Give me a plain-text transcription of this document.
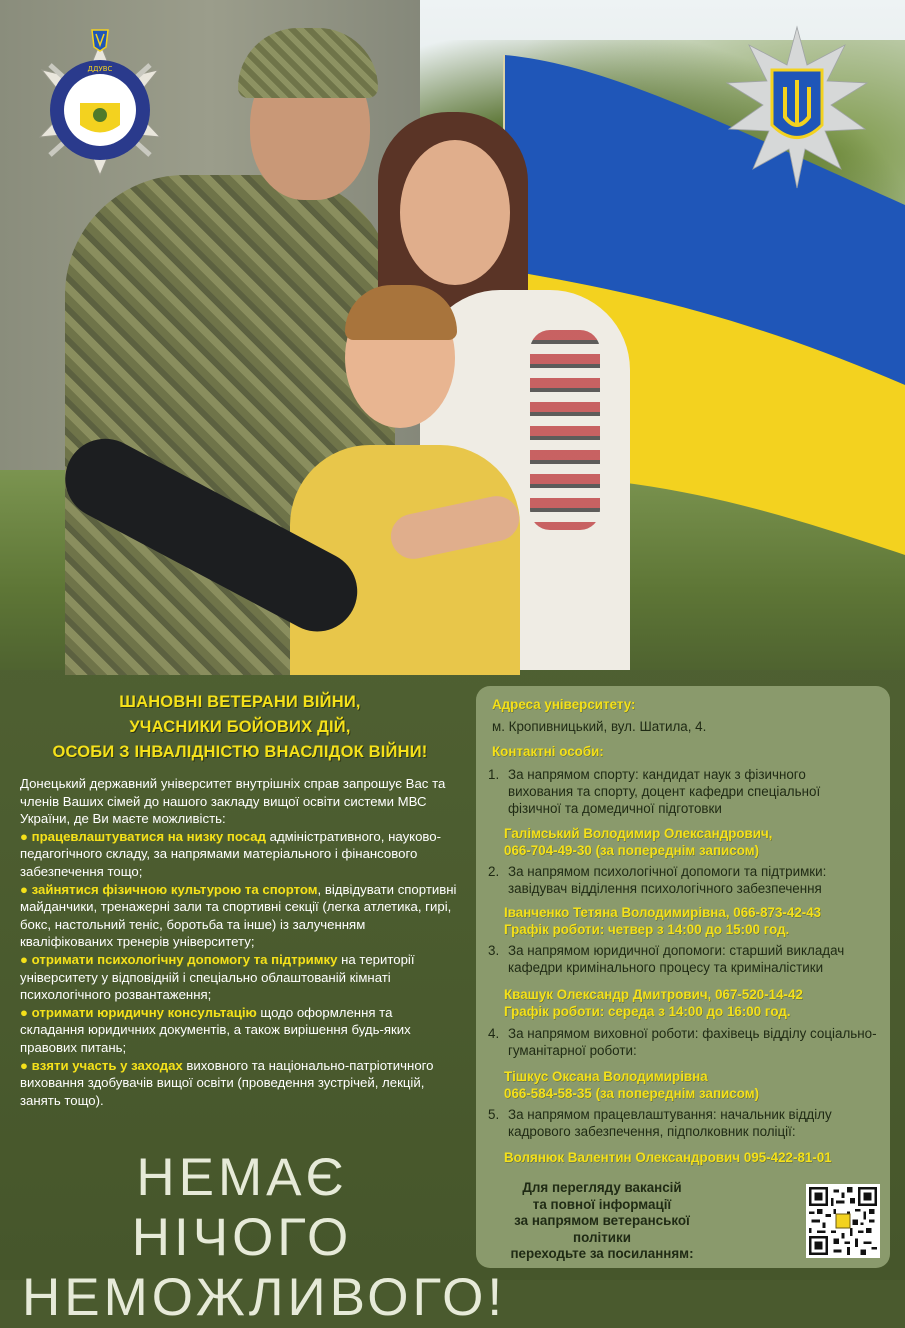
ДДУВС
ШАНОВНІ ВЕТЕРАНИ ВІЙНИ,
УЧАСНИКИ БОЙОВИХ ДІЙ,
ОСОБИ З ІНВАЛІДНІСТЮ ВНАСЛІДОК ВІЙНИ!
Донецький державний університет внутрішніх справ запрошує Вас та членів Ваших сімей до нашого закладу вищої освіти системи МВС України, де Ви маєте можливість:
● працевлаштуватися на низку посад адміністративного, науково-педагогічного складу, за напрямами матеріального і фінансового забезпечення тощо;
● зайнятися фізичною культурою та спортом, відвідувати спортивні майданчики, тренажерні зали та спортивні секції (легка атлетика, гирі, бокс, настольний теніс, боротьба та інше) із залученням кваліфікованих тренерів університету;
● отримати психологічну допомогу та підтримку на території університету у відповідній і спеціально облаштованій кімнаті психологічного розвантаження;
● отримати юридичну консультацію щодо оформлення та складання юридичних документів, а також вирішення будь-яких правових питань;
● взяти участь у заходах виховного та національно-патріотичного виховання здобувачів вищої освіти (проведення зустрічей, лекцій, занять тощо).
НЕМАЄ НІЧОГО
НЕМОЖЛИВОГО!
Адреса університету:
м. Кропивницький, вул. Шатила, 4.
Контактні особи:
1. За напрямом спорту: кандидат наук з фізичного вихования та спорту, доцент кафедри спеціальної фізичної та домедичної підготовки
Галімський Володимир Олександрович,
066-704-49-30 (за попереднім записом)
2. За напрямом психологічної допомоги та підтримки: завідувач відділення психологічного забезпечення
Іванченко Тетяна Володимирівна, 066-873-42-43
Графік роботи: четвер з 14:00 до 15:00 год.
3. За напрямом юридичної допомоги: старший викладач кафедри кримінального процесу та криміналістики
Квашук Олександр Дмитрович, 067-520-14-42
Графік роботи: середа з 14:00 до 16:00 год.
4. За напрямом виховної роботи: фахівець відділу соціально-гуманітарної роботи:
Тішкус Оксана Володимирівна
066-584-58-35 (за попереднім записом)
5. За напрямом працевлаштування: начальник відділу кадрового забезпечення, підполковник поліції:
Волянюк Валентин Олександрович 095-422-81-01
Для перегляду вакансій
та повної інформації
за напрямом ветеранської політики
переходьте за посиланням:
